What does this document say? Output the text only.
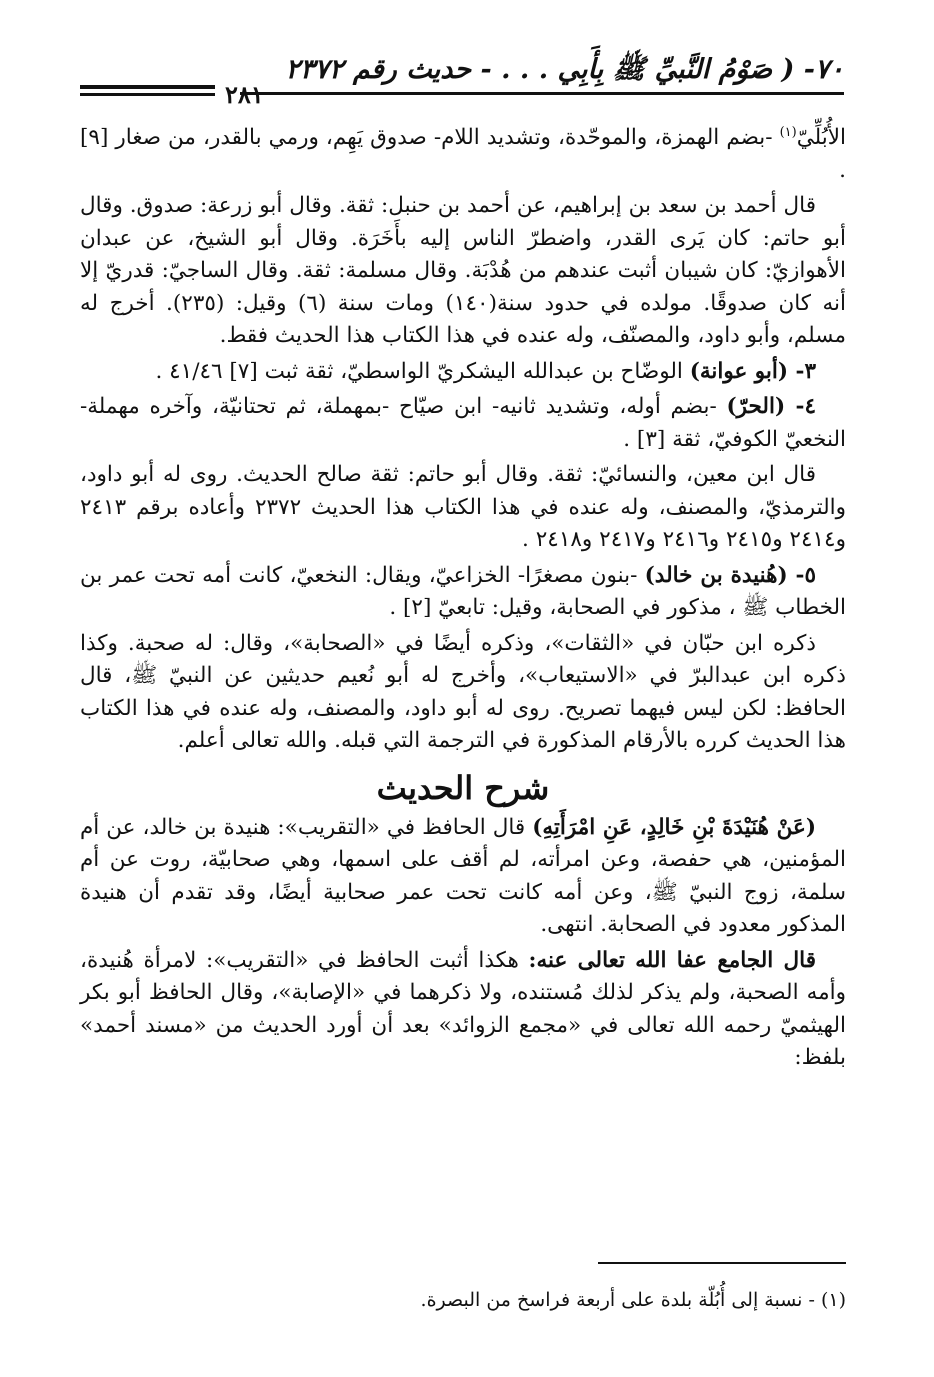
٧٠- ( صَوْمُ النَّبيِّ ﷺ بِأَبِي . . . - حديث رقم ٢٣٧٢
٢٨١

الأُبُلِّيّ$^{(١)}$ -بضم الهمزة، والموحّدة، وتشديد اللام- صدوق يَهِم، ورمي بالقدر، من صغار [٩] .

قال أحمد بن سعد بن إبراهيم، عن أحمد بن حنبل: ثقة. وقال أبو زرعة: صدوق. وقال أبو حاتم: كان يَرى القدر، واضطرّ الناس إليه بأَخَرَة. وقال أبو الشيخ، عن عبدان الأهوازيّ: كان شيبان أثبت عندهم من هُدْبَة. وقال مسلمة: ثقة. وقال الساجيّ: قدريّ إلا أنه كان صدوقًا. مولده في حدود سنة(١٤٠) ومات سنة (٦) وقيل: (٢٣٥). أخرج له مسلم، وأبو داود، والمصنّف، وله عنده في هذا الكتاب هذا الحديث فقط.

٣- (أبو عوانة) الوضّاح بن عبدالله اليشكريّ الواسطيّ، ثقة ثبت [٧] ٤١/٤٦ .

٤- (الحرّ) -بضم أوله، وتشديد ثانيه- ابن صيّاح -بمهملة، ثم تحتانيّة، وآخره مهملة- النخعيّ الكوفيّ، ثقة [٣] .

قال ابن معين، والنسائيّ: ثقة. وقال أبو حاتم: ثقة صالح الحديث. روى له أبو داود، والترمذيّ، والمصنف، وله عنده في هذا الكتاب هذا الحديث ٢٣٧٢ وأعاده برقم ٢٤١٣ و٢٤١٤ و٢٤١٥ و٢٤١٦ و٢٤١٧ و٢٤١٨ .

٥- (هُنيدة بن خالد) -بنون مصغرًا- الخزاعيّ، ويقال: النخعيّ، كانت أمه تحت عمر بن الخطاب ﷺ ، مذكور في الصحابة، وقيل: تابعيّ [٢] .

ذكره ابن حبّان في «الثقات»، وذكره أيضًا في «الصحابة»، وقال: له صحبة. وكذا ذكره ابن عبدالبرّ في «الاستيعاب»، وأخرج له أبو نُعيم حديثين عن النبيّ ﷺ، قال الحافظ: لكن ليس فيهما تصريح. روى له أبو داود، والمصنف، وله عنده في هذا الكتاب هذا الحديث كرره بالأرقام المذكورة في الترجمة التي قبله. والله تعالى أعلم.

شرح الحديث

(عَنْ هُنَيْدَةَ بْنِ خَالِدٍ، عَنِ امْرَأَتِهِ) قال الحافظ في «التقريب»: هنيدة بن خالد، عن أم المؤمنين، هي حفصة، وعن امرأته، لم أقف على اسمها، وهي صحابيّة، روت عن أم سلمة، زوج النبيّ ﷺ، وعن أمه كانت تحت عمر صحابية أيضًا، وقد تقدم أن هنيدة المذكور معدود في الصحابة. انتهى.

قال الجامع عفا الله تعالى عنه: هكذا أثبت الحافظ في «التقريب»: لامرأة هُنيدة، وأمه الصحبة، ولم يذكر لذلك مُستنده، ولا ذكرهما في «الإصابة»، وقال الحافظ أبو بكر الهيثميّ رحمه الله تعالى في «مجمع الزوائد» بعد أن أورد الحديث من «مسند أحمد» بلفظ:

(١) - نسبة إلى أُبُلّة بلدة على أربعة فراسخ من البصرة.
